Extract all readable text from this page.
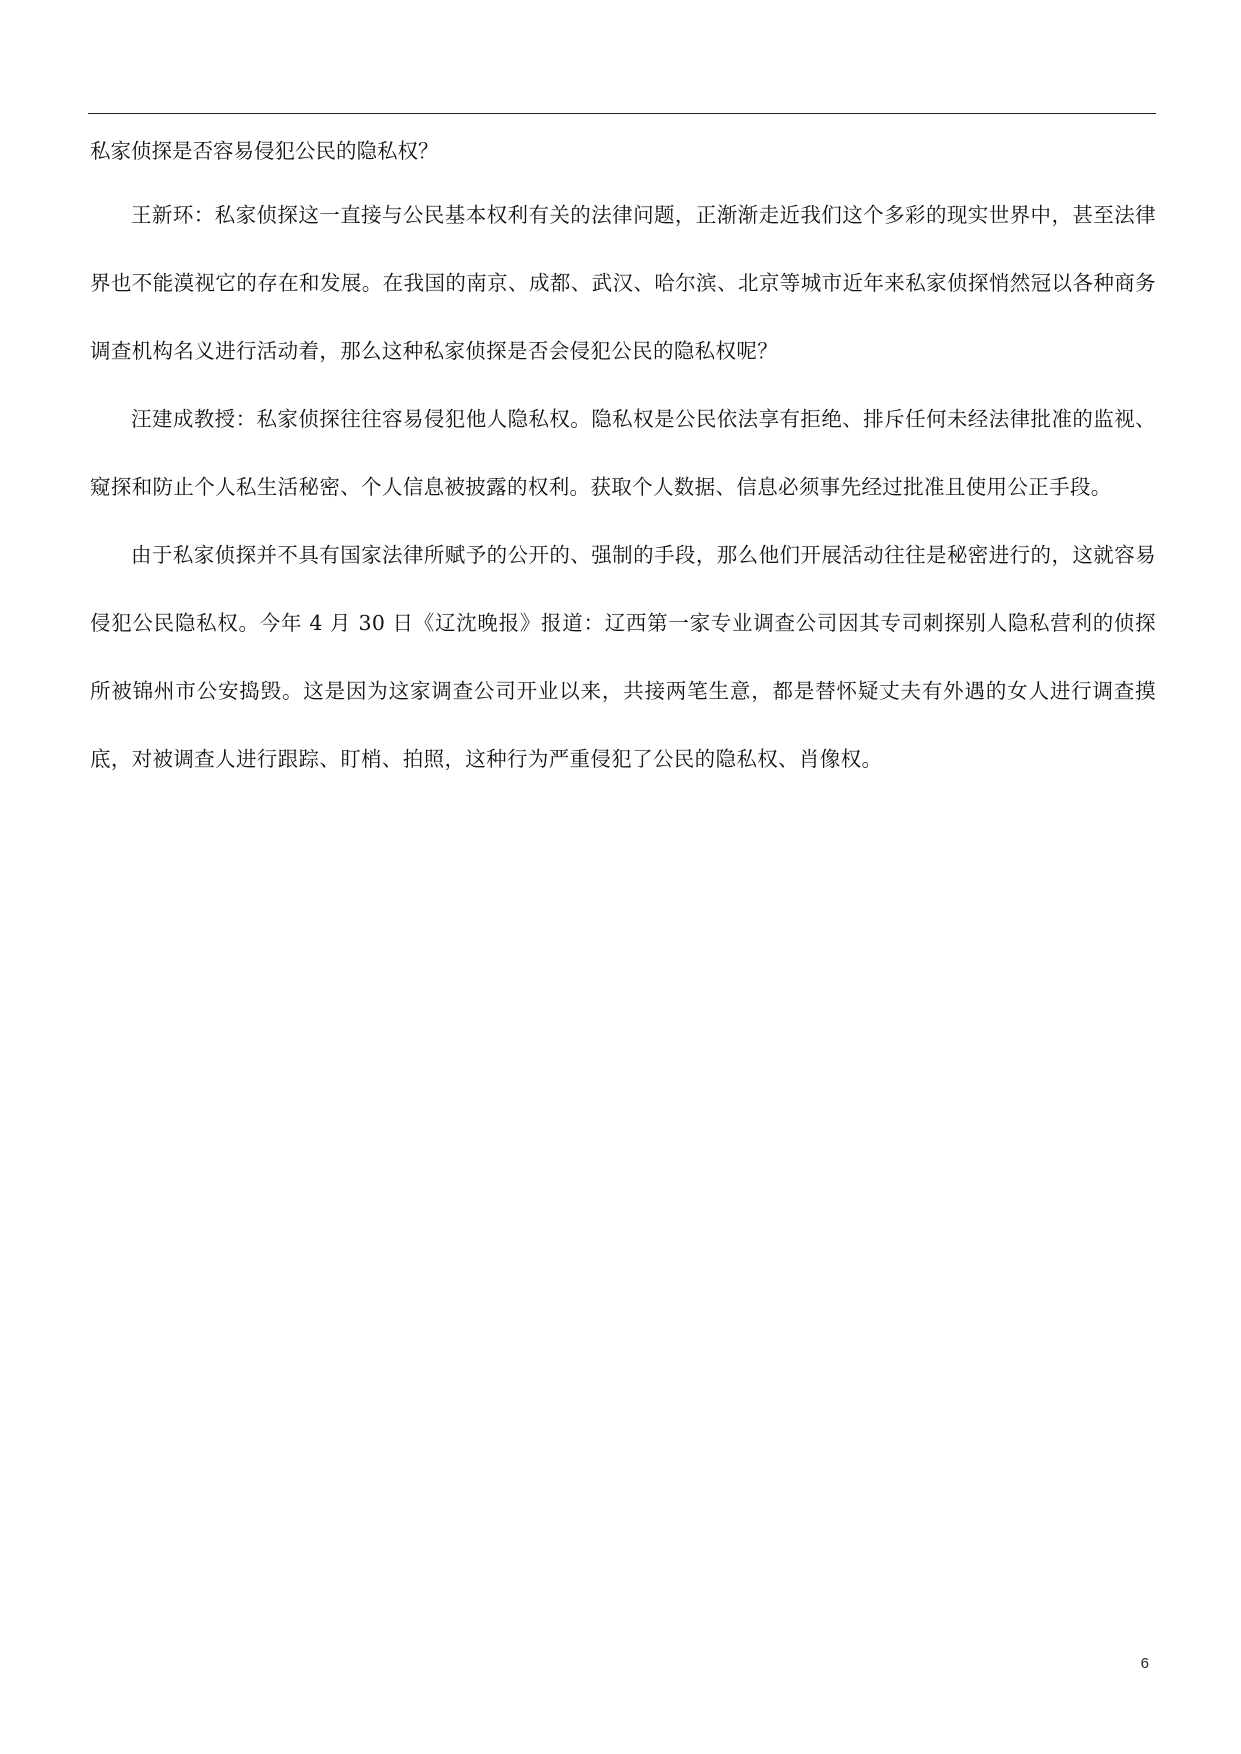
私家侦探是否容易侵犯公民的隐私权？

王新环：私家侦探这一直接与公民基本权利有关的法律问题，正渐渐走近我们这个多彩的现实世界中，甚至法律界也不能漠视它的存在和发展。在我国的南京、成都、武汉、哈尔滨、北京等城市近年来私家侦探悄然冠以各种商务调查机构名义进行活动着，那么这种私家侦探是否会侵犯公民的隐私权呢？

汪建成教授：私家侦探往往容易侵犯他人隐私权。隐私权是公民依法享有拒绝、排斥任何未经法律批准的监视、窥探和防止个人私生活秘密、个人信息被披露的权利。获取个人数据、信息必须事先经过批准且使用公正手段。

由于私家侦探并不具有国家法律所赋予的公开的、强制的手段，那么他们开展活动往往是秘密进行的，这就容易侵犯公民隐私权。今年 4 月 30 日《辽沈晚报》报道：辽西第一家专业调查公司因其专司刺探别人隐私营利的侦探所被锦州市公安捣毁。这是因为这家调查公司开业以来，共接两笔生意，都是替怀疑丈夫有外遇的女人进行调查摸底，对被调查人进行跟踪、盯梢、拍照，这种行为严重侵犯了公民的隐私权、肖像权。

6
